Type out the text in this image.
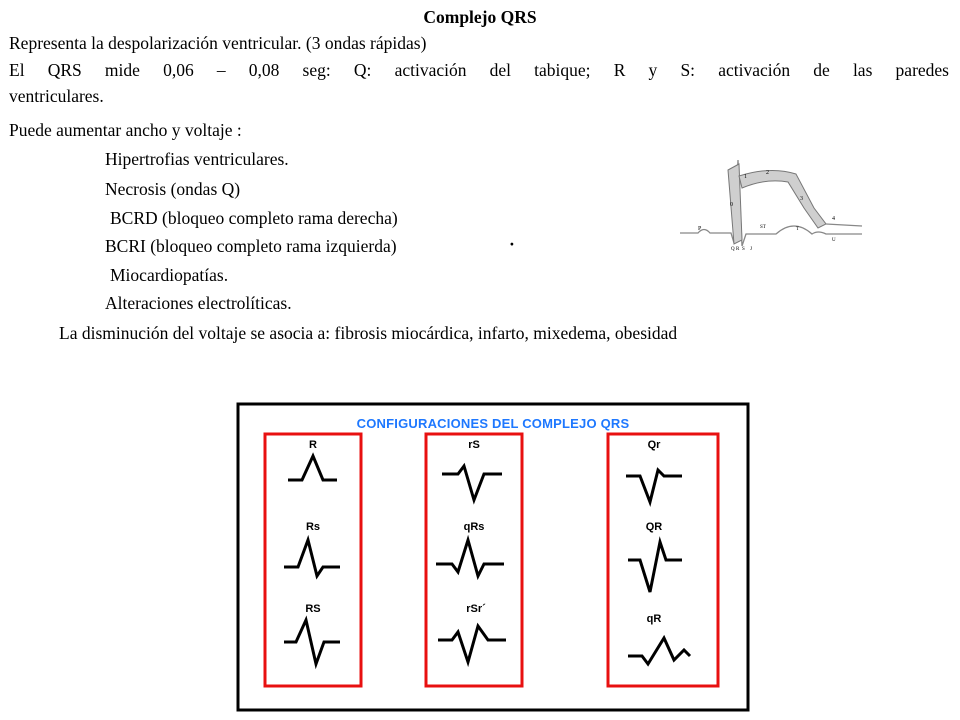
Complejo QRS
Representa la despolarización ventricular. (3 ondas rápidas)
El QRS mide 0,06 – 0,08 seg: Q: activación del tabique; R y S: activación de las paredes
ventriculares.
Puede aumentar ancho y voltaje :
Hipertrofias ventriculares.
Necrosis (ondas Q)
BCRD (bloqueo completo rama derecha)
BCRI (bloqueo completo rama izquierda)	·
Miocardiopatías.
Alteraciones electrolíticas.
La disminución del voltaje se asocia a: fibrosis miocárdica, infarto, mixedema, obesidad
P
Q R S J
ST	T
U
0
1
2
3
4
R
Rs
RS
rS
qRs
rSr´
Qr
QR
qR
CONFIGURACIONES DEL COMPLEJO QRS
